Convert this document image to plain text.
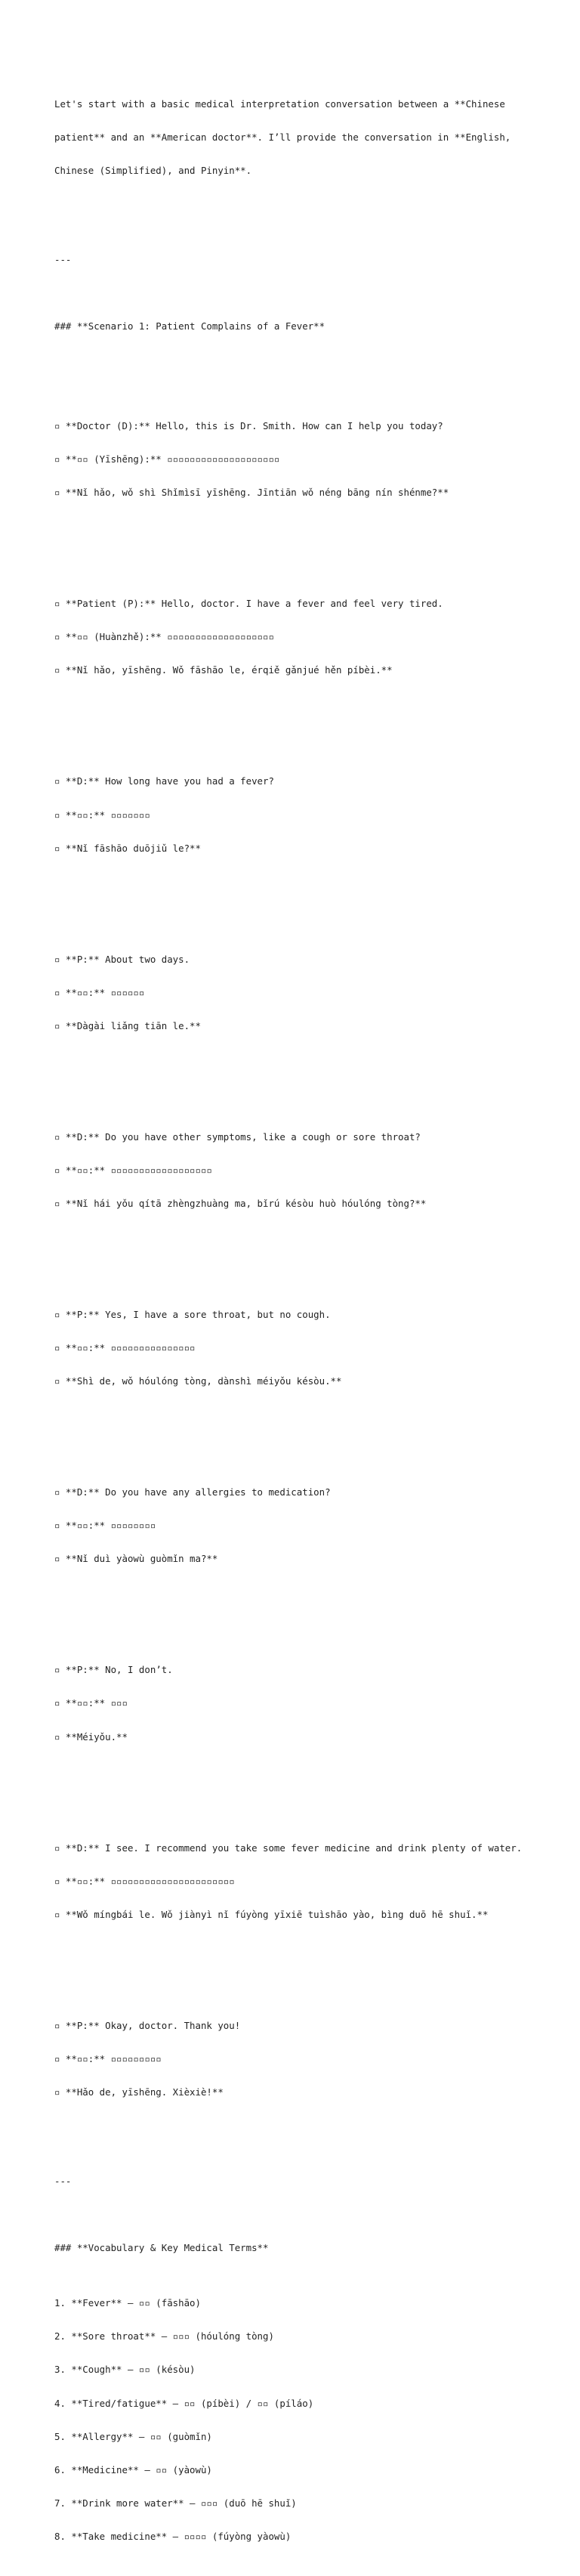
Let's start with a basic medical interpretation conversation between a **Chinese

patient** and an **American doctor**. I’ll provide the conversation in **English,

Chinese (Simplified), and Pinyin**.

---

### **Scenario 1: Patient Complains of a Fever**

▫ **Doctor (D):** Hello, this is Dr. Smith. How can I help you today?

▫ **▫▫ (Yīshēng):** ▫▫▫▫▫▫▫▫▫▫▫▫▫▫▫▫▫▫▫▫

▫ **Nǐ hǎo, wǒ shì Shǐmìsī yīshēng. Jīntiān wǒ néng bāng nín shénme?**

▫ **Patient (P):** Hello, doctor. I have a fever and feel very tired.

▫ **▫▫ (Huànzhě):** ▫▫▫▫▫▫▫▫▫▫▫▫▫▫▫▫▫▫▫

▫ **Nǐ hǎo, yīshēng. Wǒ fāshāo le, érqiě gǎnjué hěn píbèi.**

▫ **D:** How long have you had a fever?

▫ **▫▫:** ▫▫▫▫▫▫▫

▫ **Nǐ fāshāo duōjiǔ le?**

▫ **P:** About two days.

▫ **▫▫:** ▫▫▫▫▫▫

▫ **Dàgài liǎng tiān le.**

▫ **D:** Do you have other symptoms, like a cough or sore throat?

▫ **▫▫:** ▫▫▫▫▫▫▫▫▫▫▫▫▫▫▫▫▫▫

▫ **Nǐ hái yǒu qítā zhèngzhuàng ma, bǐrú késòu huò hóulóng tòng?**

▫ **P:** Yes, I have a sore throat, but no cough.

▫ **▫▫:** ▫▫▫▫▫▫▫▫▫▫▫▫▫▫▫

▫ **Shì de, wǒ hóulóng tòng, dànshì méiyǒu késòu.**

▫ **D:** Do you have any allergies to medication?

▫ **▫▫:** ▫▫▫▫▫▫▫▫

▫ **Nǐ duì yàowù guòmǐn ma?**

▫ **P:** No, I don’t.

▫ **▫▫:** ▫▫▫

▫ **Méiyǒu.**

▫ **D:** I see. I recommend you take some fever medicine and drink plenty of water.

▫ **▫▫:** ▫▫▫▫▫▫▫▫▫▫▫▫▫▫▫▫▫▫▫▫▫▫

▫ **Wǒ míngbái le. Wǒ jiànyì nǐ fúyòng yīxiē tuìshāo yào, bìng duō hē shuǐ.**

▫ **P:** Okay, doctor. Thank you!

▫ **▫▫:** ▫▫▫▫▫▫▫▫▫

▫ **Hǎo de, yīshēng. Xièxiè!**

---

### **Vocabulary & Key Medical Terms**

1. **Fever** – ▫▫ (fāshāo)

2. **Sore throat** – ▫▫▫ (hóulóng tòng)

3. **Cough** – ▫▫ (késòu)

4. **Tired/fatigue** – ▫▫ (píbèi) / ▫▫ (píláo)

5. **Allergy** – ▫▫ (guòmǐn)

6. **Medicine** – ▫▫ (yàowù)

7. **Drink more water** – ▫▫▫ (duō hē shuǐ)

8. **Take medicine** – ▫▫▫▫ (fúyòng yàowù)
